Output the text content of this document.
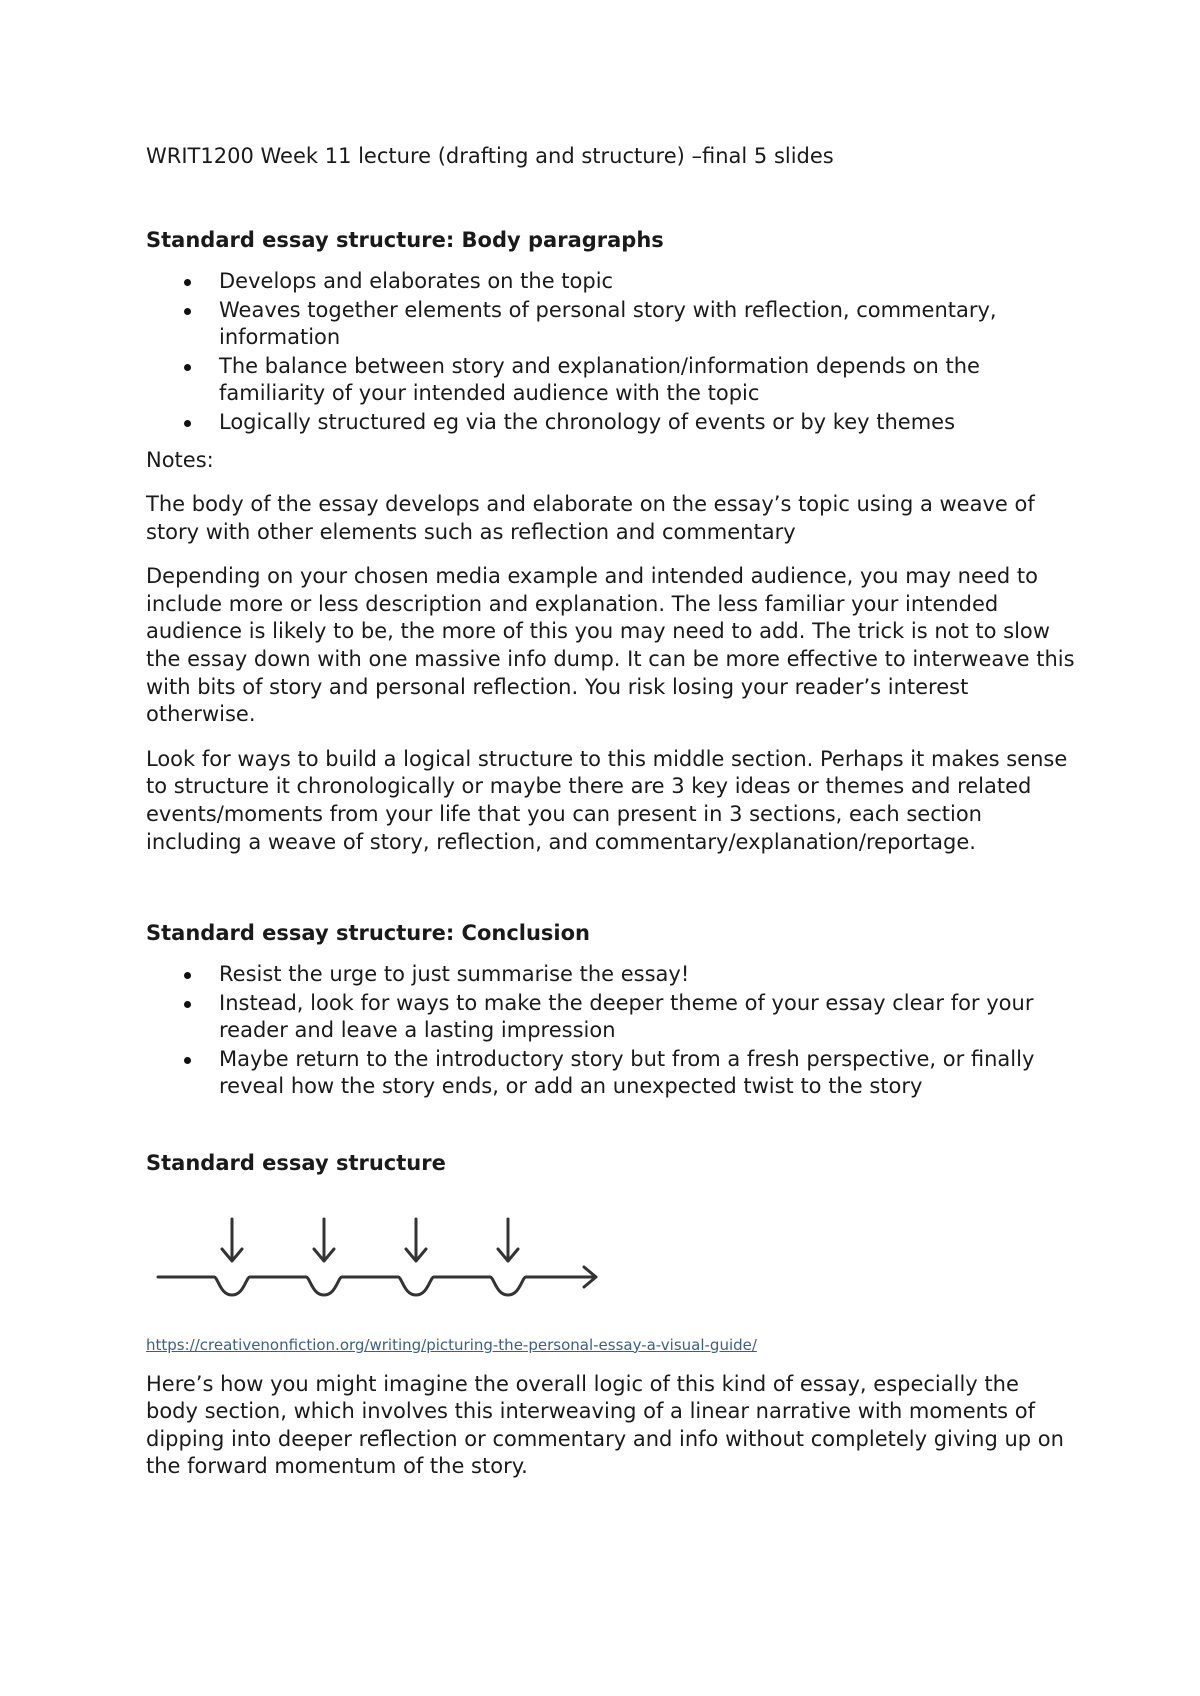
WRIT1200 Week 11 lecture (drafting and structure) –final 5 slides
Standard essay structure: Body paragraphs
Develops and elaborates on the topic
Weaves together elements of personal story with reflection, commentary, information
The balance between story and explanation/information depends on the familiarity of your intended audience with the topic
Logically structured eg via the chronology of events or by key themes
Notes:

The body of the essay develops and elaborate on the essay’s topic using a weave of story with other elements such as reflection and commentary

Depending on your chosen media example and intended audience, you may need to include more or less description and explanation. The less familiar your intended audience is likely to be, the more of this you may need to add. The trick is not to slow the essay down with one massive info dump. It can be more effective to interweave this with bits of story and personal reflection. You risk losing your reader’s interest otherwise.

Look for ways to build a logical structure to this middle section. Perhaps it makes sense to structure it chronologically or maybe there are 3 key ideas or themes and related events/moments from your life that you can present in 3 sections, each section including a weave of story, reflection, and commentary/explanation/reportage.

Standard essay structure: Conclusion
Resist the urge to just summarise the essay!
Instead, look for ways to make the deeper theme of your essay clear for your reader and leave a lasting impression
Maybe return to the introductory story but from a fresh perspective, or finally reveal how the story ends, or add an unexpected twist to the story
Standard essay structure
https://creativenonfiction.org/writing/picturing-the-personal-essay-a-visual-guide/

Here’s how you might imagine the overall logic of this kind of essay, especially the body section, which involves this interweaving of a linear narrative with moments of dipping into deeper reflection or commentary and info without completely giving up on the forward momentum of the story.
